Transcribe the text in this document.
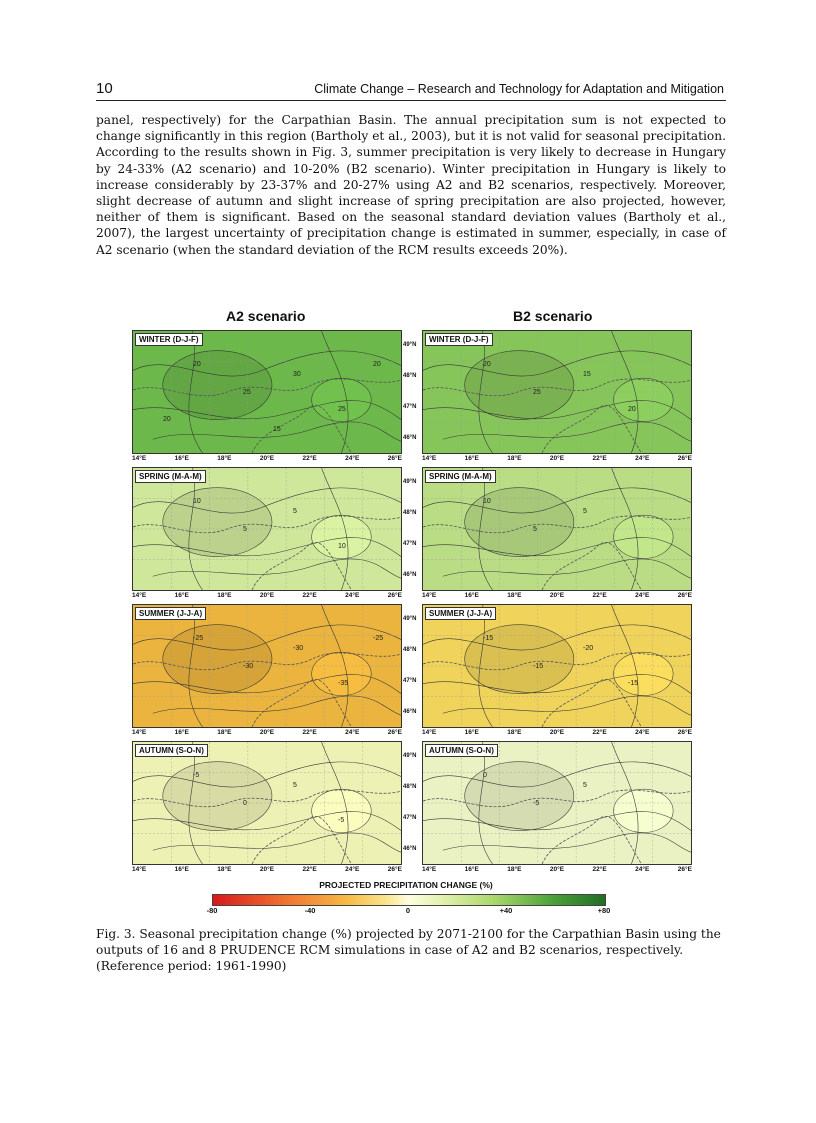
10	Climate Change – Research and Technology for Adaptation and Mitigation
panel, respectively) for the Carpathian Basin. The annual precipitation sum is not expected to change significantly in this region (Bartholy et al., 2003), but it is not valid for seasonal precipitation. According to the results shown in Fig. 3, summer precipitation is very likely to decrease in Hungary by 24-33% (A2 scenario) and 10-20% (B2 scenario). Winter precipitation in Hungary is likely to increase considerably by 23-37% and 20-27% using A2 and B2 scenarios, respectively. Moreover, slight decrease of autumn and slight increase of spring precipitation are also projected, however, neither of them is significant. Based on the seasonal standard deviation values (Bartholy et al., 2007), the largest uncertainty of precipitation change is estimated in summer, especially, in case of A2 scenario (when the standard deviation of the RCM results exceeds 20%).
A2 scenario	B2 scenario
20
25
30
25
20
15
20
WINTER (D-J-F)
14°E	16°E	18°E	20°E	22°E	24°E	26°E
20
25
15
20
WINTER (D-J-F)
14°E	16°E	18°E	20°E	22°E	24°E	26°E
49°N
48°N
47°N
46°N
10
5
5
10
SPRING (M-A-M)
14°E	16°E	18°E	20°E	22°E	24°E	26°E
10
5
5
SPRING (M-A-M)
14°E	16°E	18°E	20°E	22°E	24°E	26°E
49°N
48°N
47°N
46°N
-25
-30
-30
-35
-25
SUMMER (J-J-A)
14°E	16°E	18°E	20°E	22°E	24°E	26°E
-15
-15
-20
-15
SUMMER (J-J-A)
14°E	16°E	18°E	20°E	22°E	24°E	26°E
49°N
48°N
47°N
46°N
-5
0
5
-5
AUTUMN (S-O-N)
14°E	16°E	18°E	20°E	22°E	24°E	26°E
0
-5
5
AUTUMN (S-O-N)
14°E	16°E	18°E	20°E	22°E	24°E	26°E
49°N
48°N
47°N
46°N
PROJECTED PRECIPITATION CHANGE (%)
-80	-40	0	+40	+80
Fig. 3. Seasonal precipitation change (%) projected by 2071-2100 for the Carpathian Basin using the outputs of 16 and 8 PRUDENCE RCM simulations in case of A2 and B2 scenarios, respectively. (Reference period: 1961-1990)
